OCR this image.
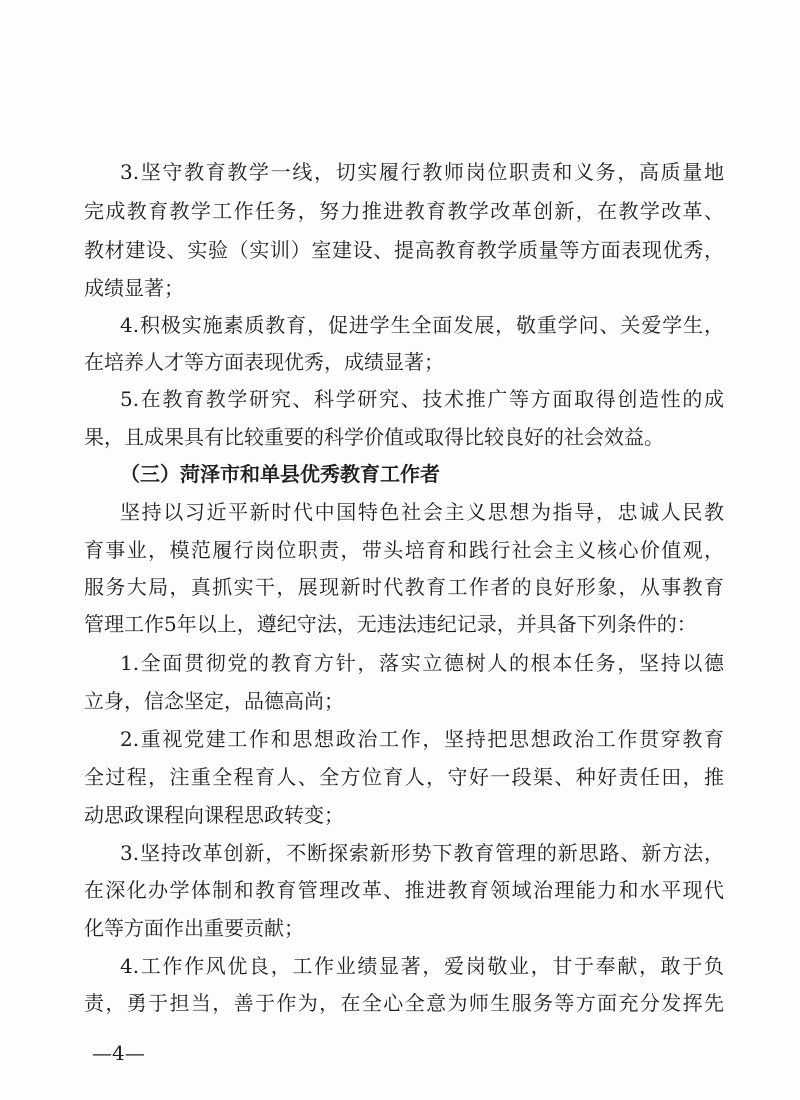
3.坚守教育教学一线，切实履行教师岗位职责和义务，高质量地
完成教育教学工作任务，努力推进教育教学改革创新，在教学改革、
教材建设、实验（实训）室建设、提高教育教学质量等方面表现优秀，
成绩显著；
4.积极实施素质教育，促进学生全面发展，敬重学问、关爱学生，
在培养人才等方面表现优秀，成绩显著；
5.在教育教学研究、科学研究、技术推广等方面取得创造性的成
果，且成果具有比较重要的科学价值或取得比较良好的社会效益。
（三）菏泽市和单县优秀教育工作者
坚持以习近平新时代中国特色社会主义思想为指导，忠诚人民教
育事业，模范履行岗位职责，带头培育和践行社会主义核心价值观，
服务大局，真抓实干，展现新时代教育工作者的良好形象，从事教育
管理工作5年以上，遵纪守法，无违法违纪记录，并具备下列条件的：
1.全面贯彻党的教育方针，落实立德树人的根本任务，坚持以德
立身，信念坚定，品德高尚；
2.重视党建工作和思想政治工作，坚持把思想政治工作贯穿教育
全过程，注重全程育人、全方位育人，守好一段渠、种好责任田，推
动思政课程向课程思政转变；
3.坚持改革创新，不断探索新形势下教育管理的新思路、新方法，
在深化办学体制和教育管理改革、推进教育领域治理能力和水平现代
化等方面作出重要贡献；
4.工作作风优良，工作业绩显著，爱岗敬业，甘于奉献，敢于负
责，勇于担当，善于作为，在全心全意为师生服务等方面充分发挥先
—4—
